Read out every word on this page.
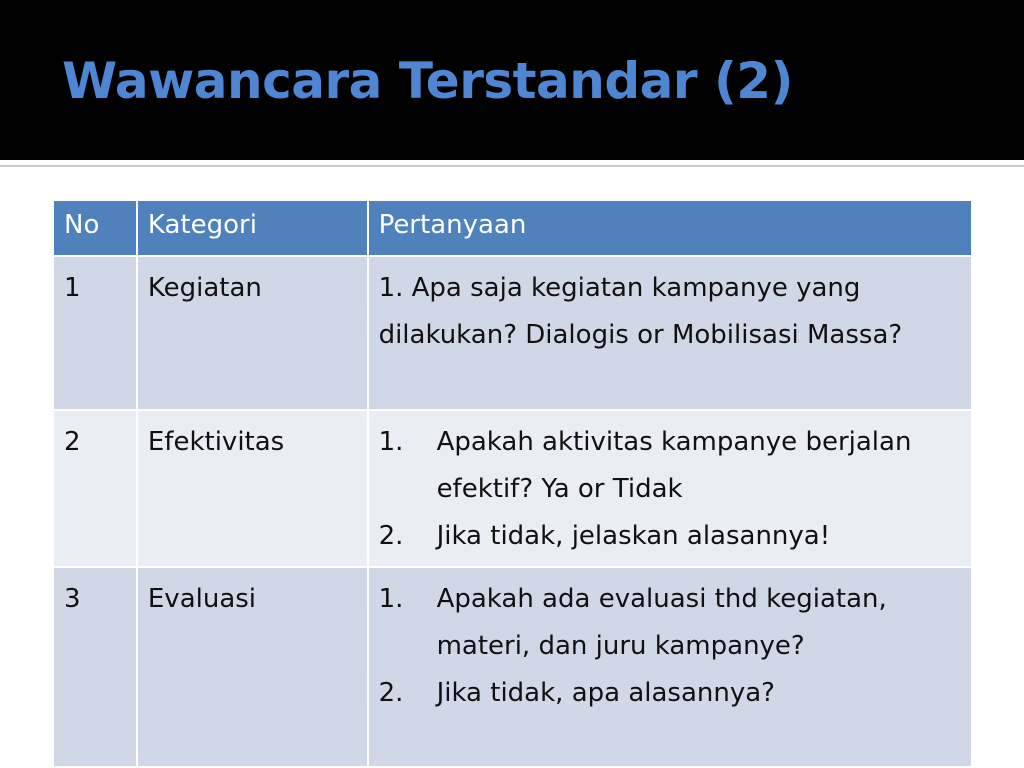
Wawancara Terstandar (2)
No	Kategori	Pertanyaan
1	Kegiatan	1. Apa saja kegiatan kampanye yang dilakukan? Dialogis or Mobilisasi Massa?
2	Efektivitas	1. Apakah aktivitas kampanye berjalan efektif? Ya or Tidak
2. Jika tidak, jelaskan alasannya!

3	Evaluasi	1. Apakah ada evaluasi thd kegiatan, materi, dan juru kampanye?
2. Jika tidak, apa alasannya?
